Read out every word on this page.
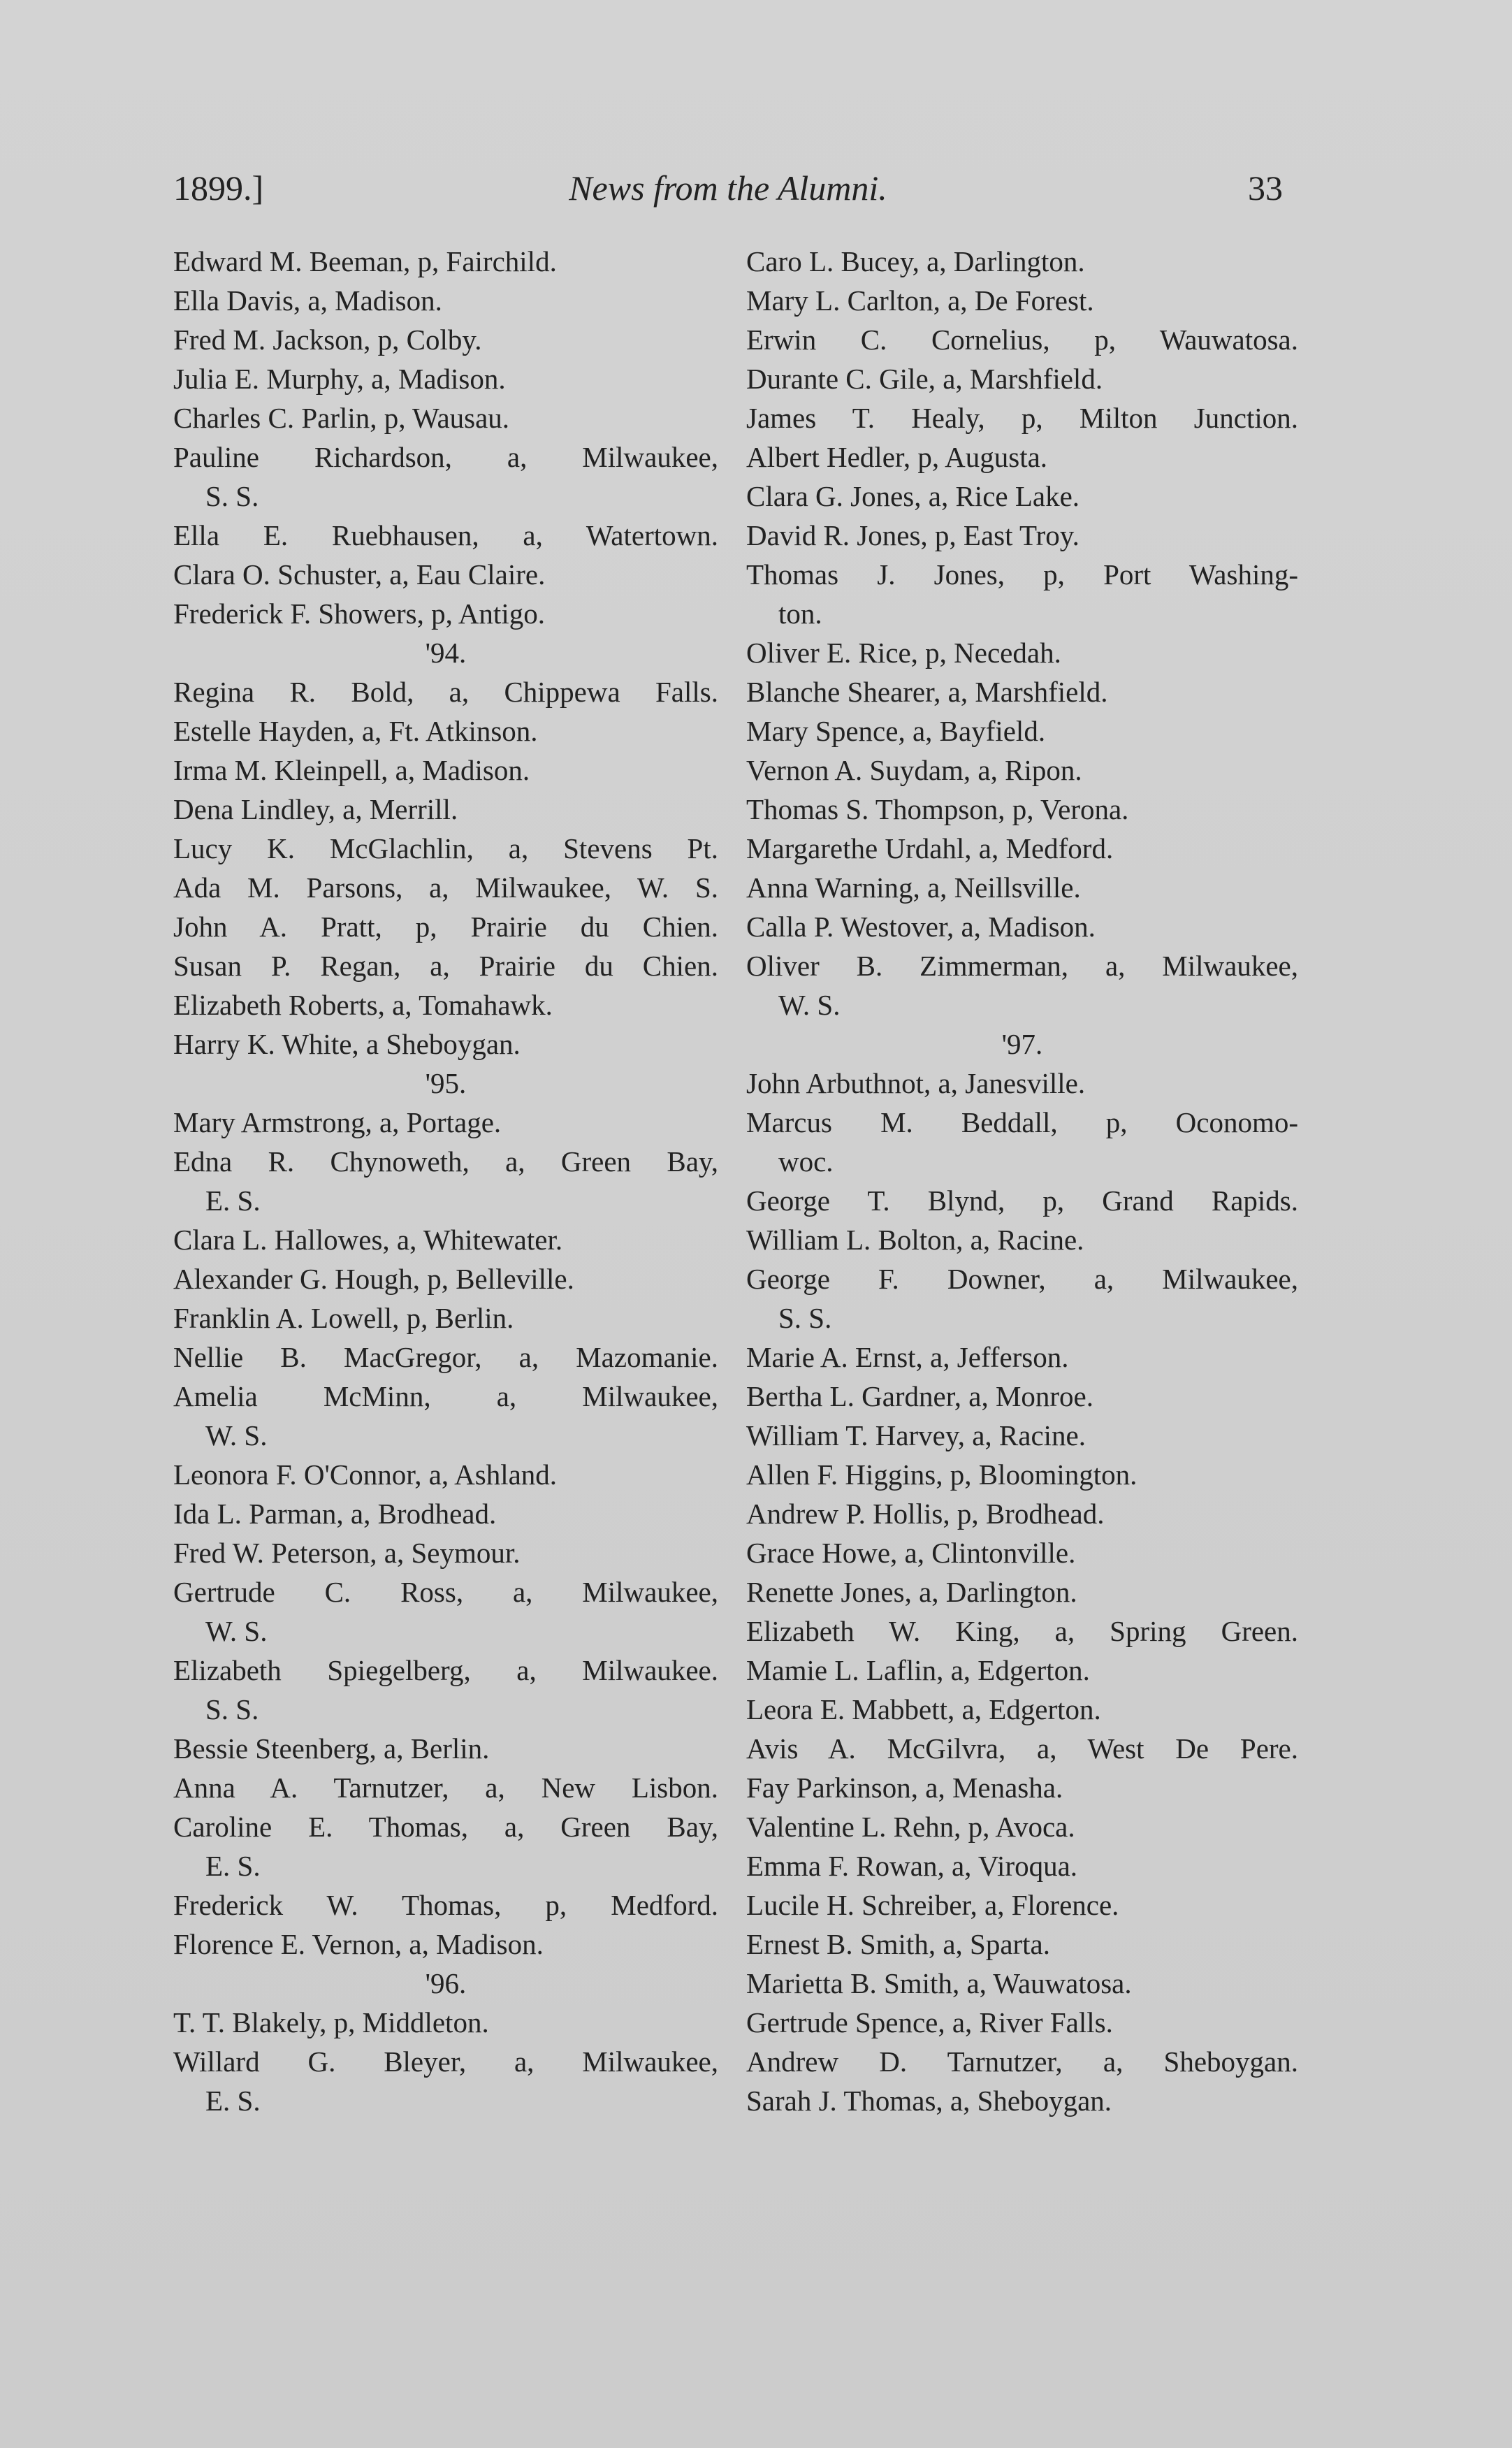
1899.]	News from the Alumni.	33
Edward M. Beeman, p, Fairchild.
Ella Davis, a, Madison.
Fred M. Jackson, p, Colby.
Julia E. Murphy, a, Madison.
Charles C. Parlin, p, Wausau.
Pauline Richardson, a, Milwaukee,
S. S.
Ella E. Ruebhausen, a, Watertown.
Clara O. Schuster, a, Eau Claire.
Frederick F. Showers, p, Antigo.
'94.
Regina R. Bold, a, Chippewa Falls.
Estelle Hayden, a, Ft. Atkinson.
Irma M. Kleinpell, a, Madison.
Dena Lindley, a, Merrill.
Lucy K. McGlachlin, a, Stevens Pt.
Ada M. Parsons, a, Milwaukee, W. S.
John A. Pratt, p, Prairie du Chien.
Susan P. Regan, a, Prairie du Chien.
Elizabeth Roberts, a, Tomahawk.
Harry K. White, a Sheboygan.
'95.
Mary Armstrong, a, Portage.
Edna R. Chynoweth, a, Green Bay,
E. S.
Clara L. Hallowes, a, Whitewater.
Alexander G. Hough, p, Belleville.
Franklin A. Lowell, p, Berlin.
Nellie B. MacGregor, a, Mazomanie.
Amelia McMinn, a, Milwaukee,
W. S.
Leonora F. O'Connor, a, Ashland.
Ida L. Parman, a, Brodhead.
Fred W. Peterson, a, Seymour.
Gertrude C. Ross, a, Milwaukee,
W. S.
Elizabeth Spiegelberg, a, Milwaukee.
S. S.
Bessie Steenberg, a, Berlin.
Anna A. Tarnutzer, a, New Lisbon.
Caroline E. Thomas, a, Green Bay,
E. S.
Frederick W. Thomas, p, Medford.
Florence E. Vernon, a, Madison.
'96.
T. T. Blakely, p, Middleton.
Willard G. Bleyer, a, Milwaukee,
E. S.
Caro L. Bucey, a, Darlington.
Mary L. Carlton, a, De Forest.
Erwin C. Cornelius, p, Wauwatosa.
Durante C. Gile, a, Marshfield.
James T. Healy, p, Milton Junction.
Albert Hedler, p, Augusta.
Clara G. Jones, a, Rice Lake.
David R. Jones, p, East Troy.
Thomas J. Jones, p, Port Washing-
ton.
Oliver E. Rice, p, Necedah.
Blanche Shearer, a, Marshfield.
Mary Spence, a, Bayfield.
Vernon A. Suydam, a, Ripon.
Thomas S. Thompson, p, Verona.
Margarethe Urdahl, a, Medford.
Anna Warning, a, Neillsville.
Calla P. Westover, a, Madison.
Oliver B. Zimmerman, a, Milwaukee,
W. S.
'97.
John Arbuthnot, a, Janesville.
Marcus M. Beddall, p, Oconomo-
woc.
George T. Blynd, p, Grand Rapids.
William L. Bolton, a, Racine.
George F. Downer, a, Milwaukee,
S. S.
Marie A. Ernst, a, Jefferson.
Bertha L. Gardner, a, Monroe.
William T. Harvey, a, Racine.
Allen F. Higgins, p, Bloomington.
Andrew P. Hollis, p, Brodhead.
Grace Howe, a, Clintonville.
Renette Jones, a, Darlington.
Elizabeth W. King, a, Spring Green.
Mamie L. Laflin, a, Edgerton.
Leora E. Mabbett, a, Edgerton.
Avis A. McGilvra, a, West De Pere.
Fay Parkinson, a, Menasha.
Valentine L. Rehn, p, Avoca.
Emma F. Rowan, a, Viroqua.
Lucile H. Schreiber, a, Florence.
Ernest B. Smith, a, Sparta.
Marietta B. Smith, a, Wauwatosa.
Gertrude Spence, a, River Falls.
Andrew D. Tarnutzer, a, Sheboygan.
Sarah J. Thomas, a, Sheboygan.
